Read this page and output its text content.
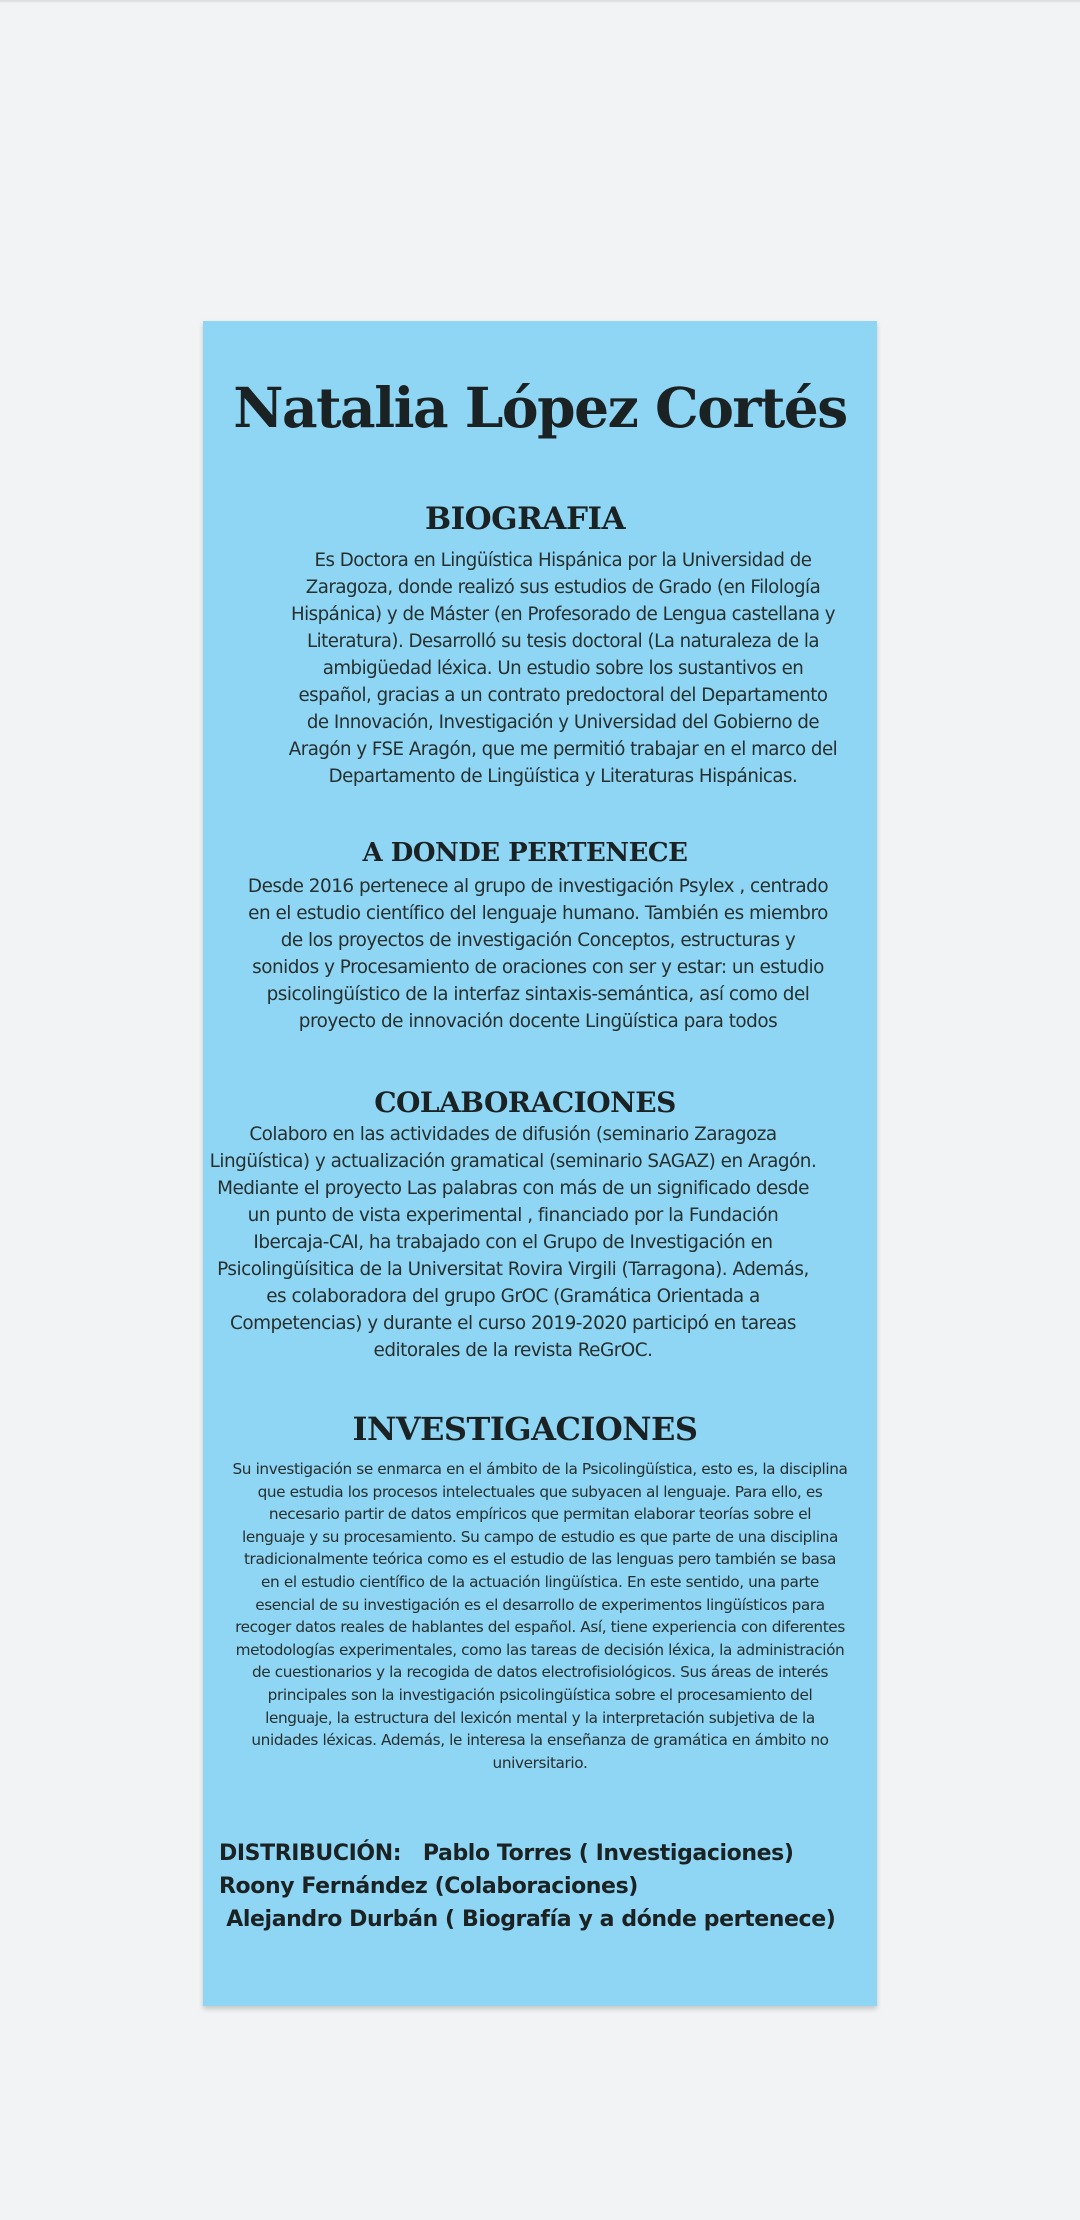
Natalia López Cortés
BIOGRAFIA
Es Doctora en Lingüística Hispánica por la Universidad de
Zaragoza, donde realizó sus estudios de Grado (en Filología
Hispánica) y de Máster (en Profesorado de Lengua castellana y
Literatura). Desarrolló su tesis doctoral (La naturaleza de la
ambigüedad léxica. Un estudio sobre los sustantivos en
español, gracias a un contrato predoctoral del Departamento
de Innovación, Investigación y Universidad del Gobierno de
Aragón y FSE Aragón, que me permitió trabajar en el marco del
Departamento de Lingüística y Literaturas Hispánicas.
A DONDE PERTENECE
Desde 2016 pertenece al grupo de investigación Psylex , centrado
en el estudio científico del lenguaje humano. También es miembro
de los proyectos de investigación Conceptos, estructuras y
sonidos y Procesamiento de oraciones con ser y estar: un estudio
psicolingüístico de la interfaz sintaxis-semántica, así como del
proyecto de innovación docente Lingüística para todos
COLABORACIONES
Colaboro en las actividades de difusión (seminario Zaragoza
Lingüística) y actualización gramatical (seminario SAGAZ) en Aragón.
Mediante el proyecto Las palabras con más de un significado desde
un punto de vista experimental , financiado por la Fundación
Ibercaja-CAI, ha trabajado con el Grupo de Investigación en
Psicolingüísitica de la Universitat Rovira Virgili (Tarragona). Además,
es colaboradora del grupo GrOC (Gramática Orientada a
Competencias) y durante el curso 2019-2020 participó en tareas
editorales de la revista ReGrOC.
INVESTIGACIONES
Su investigación se enmarca en el ámbito de la Psicolingüística, esto es, la disciplina
que estudia los procesos intelectuales que subyacen al lenguaje. Para ello, es
necesario partir de datos empíricos que permitan elaborar teorías sobre el
lenguaje y su procesamiento. Su campo de estudio es que parte de una disciplina
tradicionalmente teórica como es el estudio de las lenguas pero también se basa
en el estudio científico de la actuación lingüística. En este sentido, una parte
esencial de su investigación es el desarrollo de experimentos lingüísticos para
recoger datos reales de hablantes del español. Así, tiene experiencia con diferentes
metodologías experimentales, como las tareas de decisión léxica, la administración
de cuestionarios y la recogida de datos electrofisiológicos. Sus áreas de interés
principales son la investigación psicolingüística sobre el procesamiento del
lenguaje, la estructura del lexicón mental y la interpretación subjetiva de la
unidades léxicas. Además, le interesa la enseñanza de gramática en ámbito no
universitario.
DISTRIBUCIÓN:   Pablo Torres ( Investigaciones)
Roony Fernández (Colaboraciones)
Alejandro Durbán ( Biografía y a dónde pertenece)
